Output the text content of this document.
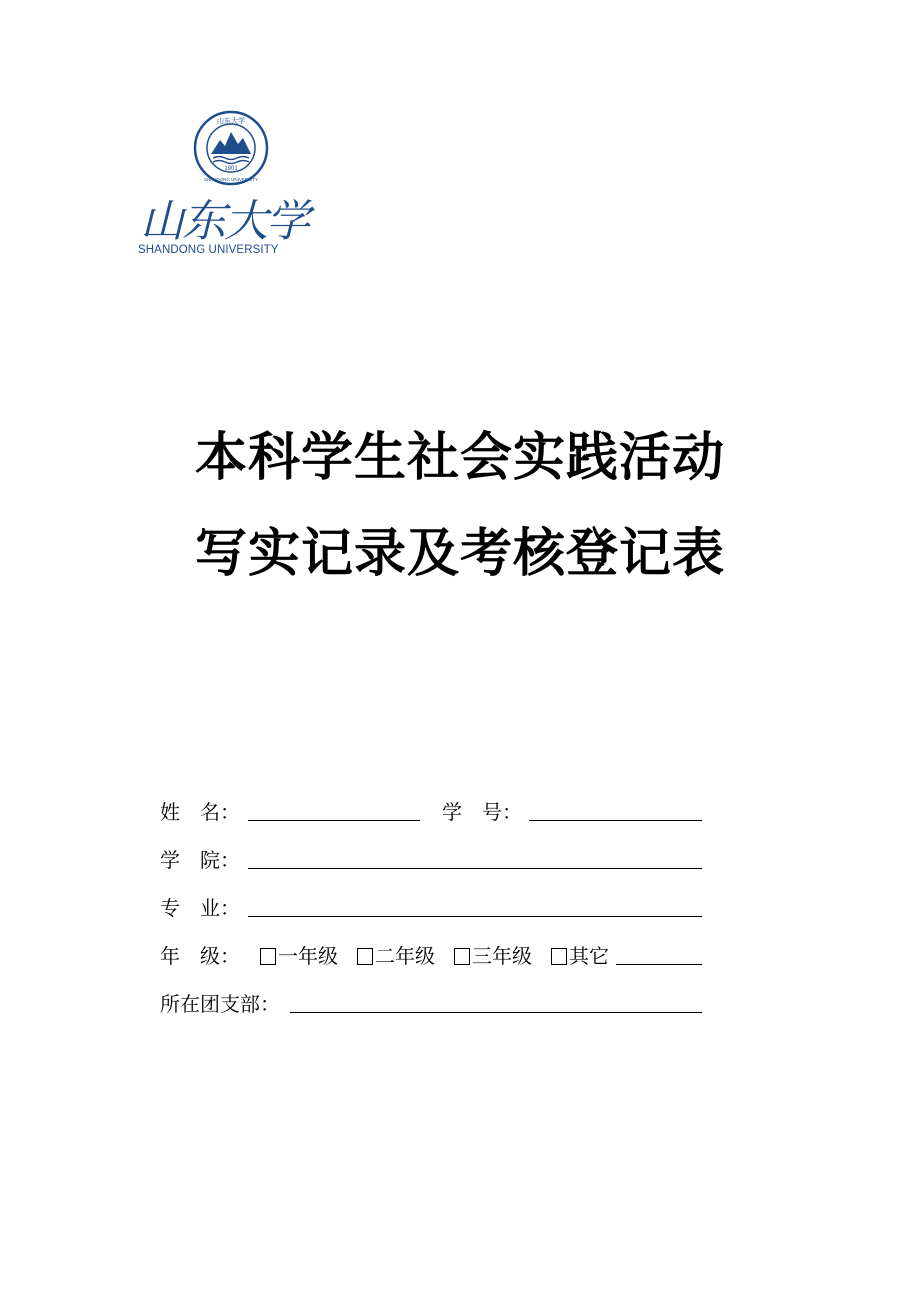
1901
山东大学
SHANDONG UNIVERSITY
山东大学
SHANDONG UNIVERSITY
本科学生社会实践活动
写实记录及考核登记表
姓　名：	学　号：
学　院：
专　业：
年　级： 一年级 二年级 三年级 其它
所在团支部：
